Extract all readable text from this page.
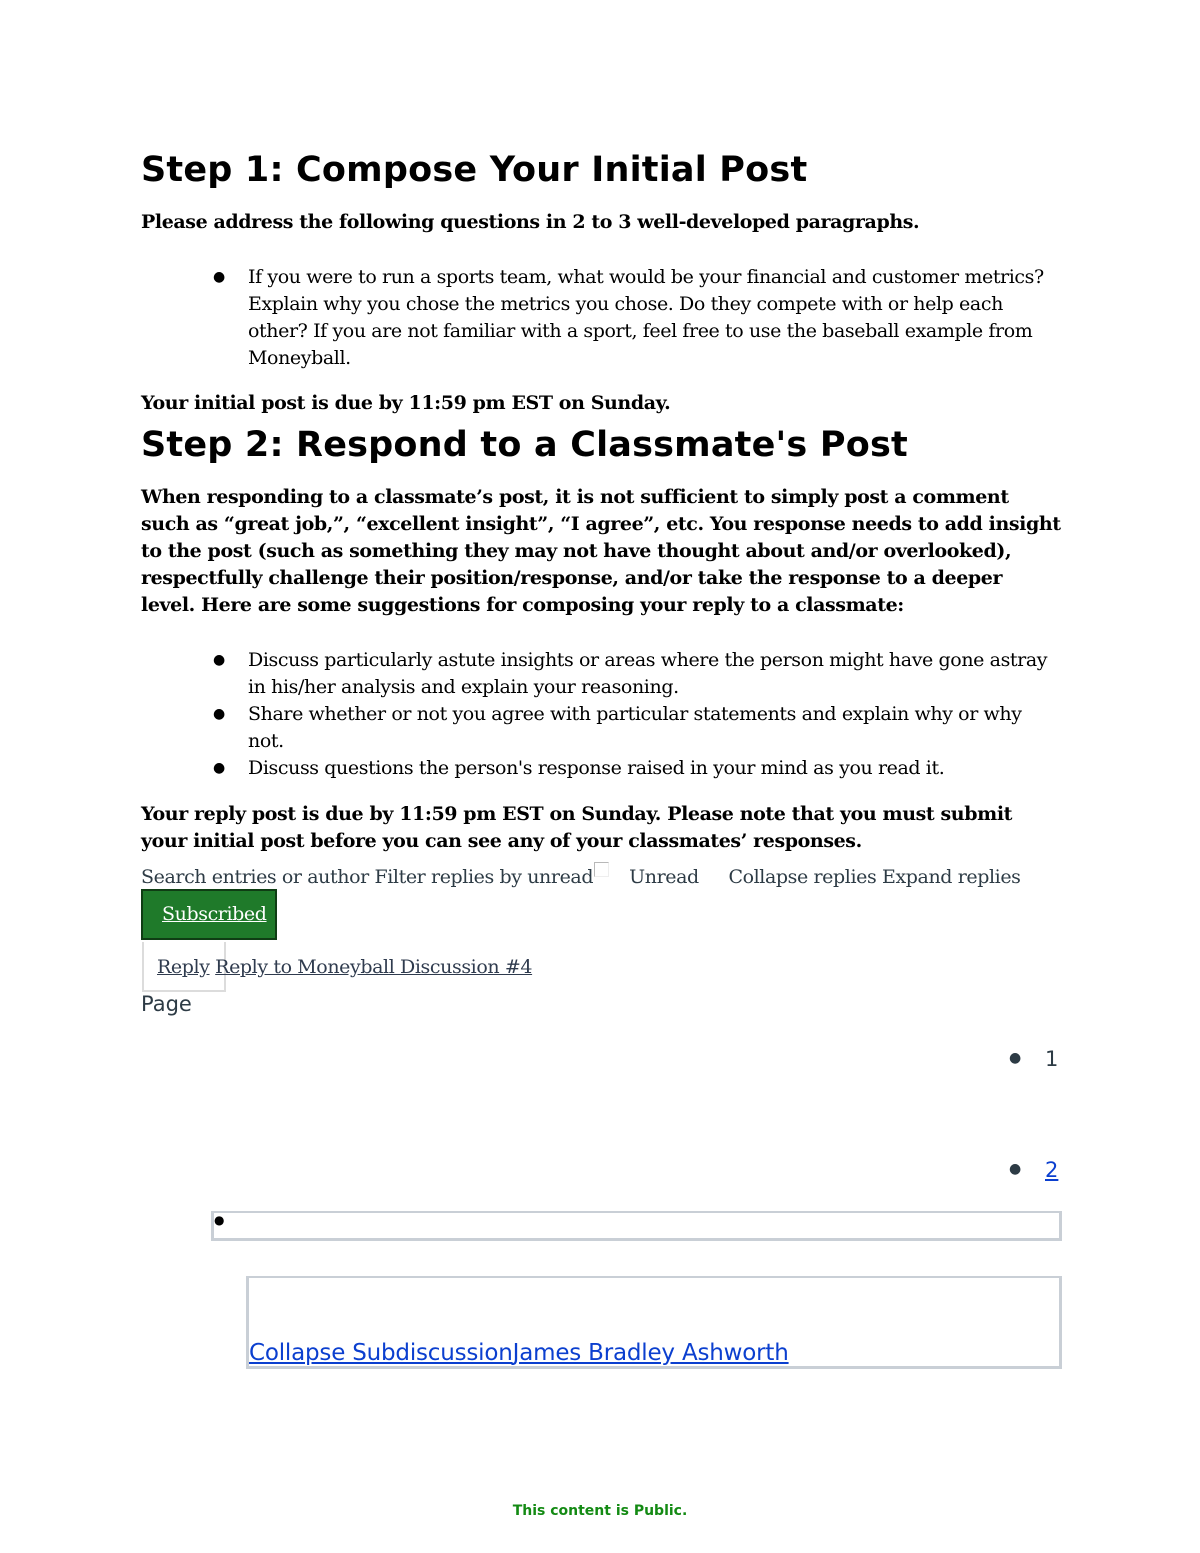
Step 1: Compose Your Initial Post
Please address the following questions in 2 to 3 well-developed paragraphs.
● If you were to run a sports team, what would be your financial and customer metrics? Explain why you chose the metrics you chose. Do they compete with or help each other? If you are not familiar with a sport, feel free to use the baseball example from Moneyball.
Your initial post is due by 11:59 pm EST on Sunday.
Step 2: Respond to a Classmate's Post
When responding to a classmate’s post, it is not sufficient to simply post a comment such as “great job,”, “excellent insight”, “I agree”, etc. You response needs to add insight to the post (such as something they may not have thought about and/or overlooked), respectfully challenge their position/response, and/or take the response to a deeper level. Here are some suggestions for composing your reply to a classmate:
● Discuss particularly astute insights or areas where the person might have gone astray in his/her analysis and explain your reasoning.
● Share whether or not you agree with particular statements and explain why or why not.
● Discuss questions the person's response raised in your mind as you read it.
Your reply post is due by 11:59 pm EST on Sunday. Please note that you must submit your initial post before you can see any of your classmates’ responses.
Search entries or author Filter replies by unread Unread Collapse replies Expand replies
Subscribed
Reply Reply to Moneyball Discussion #4
Page
● 1
● 2
●
Collapse SubdiscussionJames Bradley Ashworth
This content is Public.
